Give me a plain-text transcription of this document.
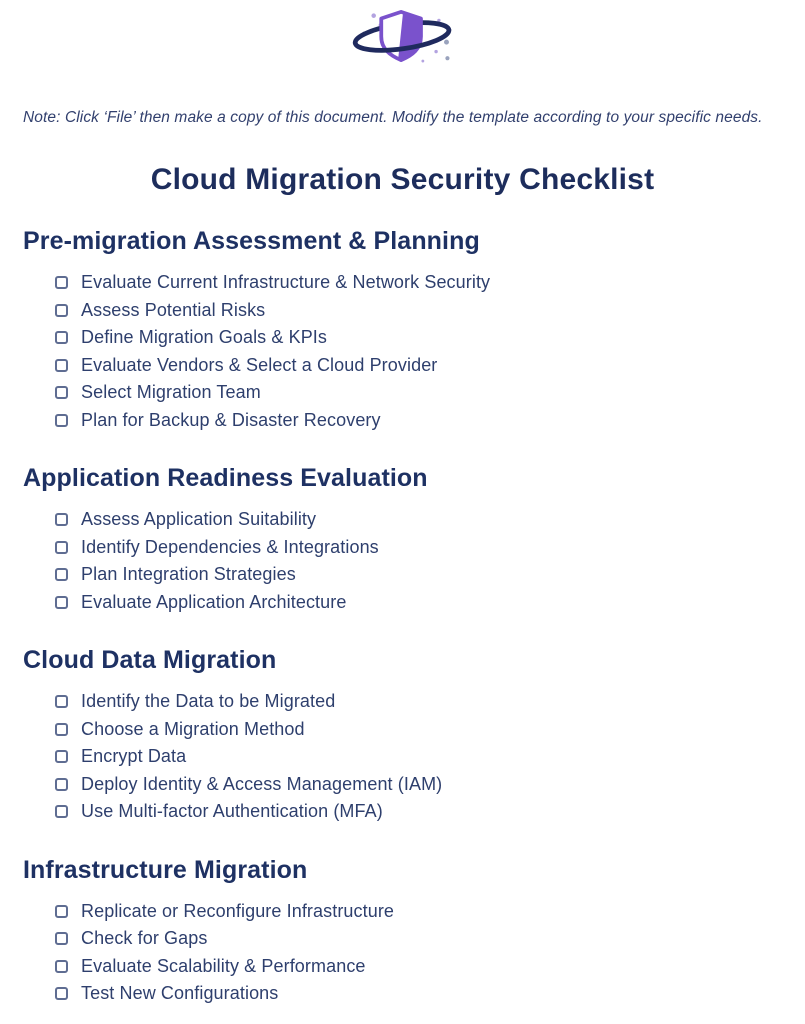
Note: Click ‘File’ then make a copy of this document. Modify the template according to your specific needs.

Cloud Migration Security Checklist
Pre-migration Assessment & Planning
Evaluate Current Infrastructure & Network Security
Assess Potential Risks
Define Migration Goals & KPIs
Evaluate Vendors & Select a Cloud Provider
Select Migration Team
Plan for Backup & Disaster Recovery
Application Readiness Evaluation
Assess Application Suitability
Identify Dependencies & Integrations
Plan Integration Strategies
Evaluate Application Architecture
Cloud Data Migration
Identify the Data to be Migrated
Choose a Migration Method
Encrypt Data
Deploy Identity & Access Management (IAM)
Use Multi-factor Authentication (MFA)
Infrastructure Migration
Replicate or Reconfigure Infrastructure
Check for Gaps
Evaluate Scalability & Performance
Test New Configurations
